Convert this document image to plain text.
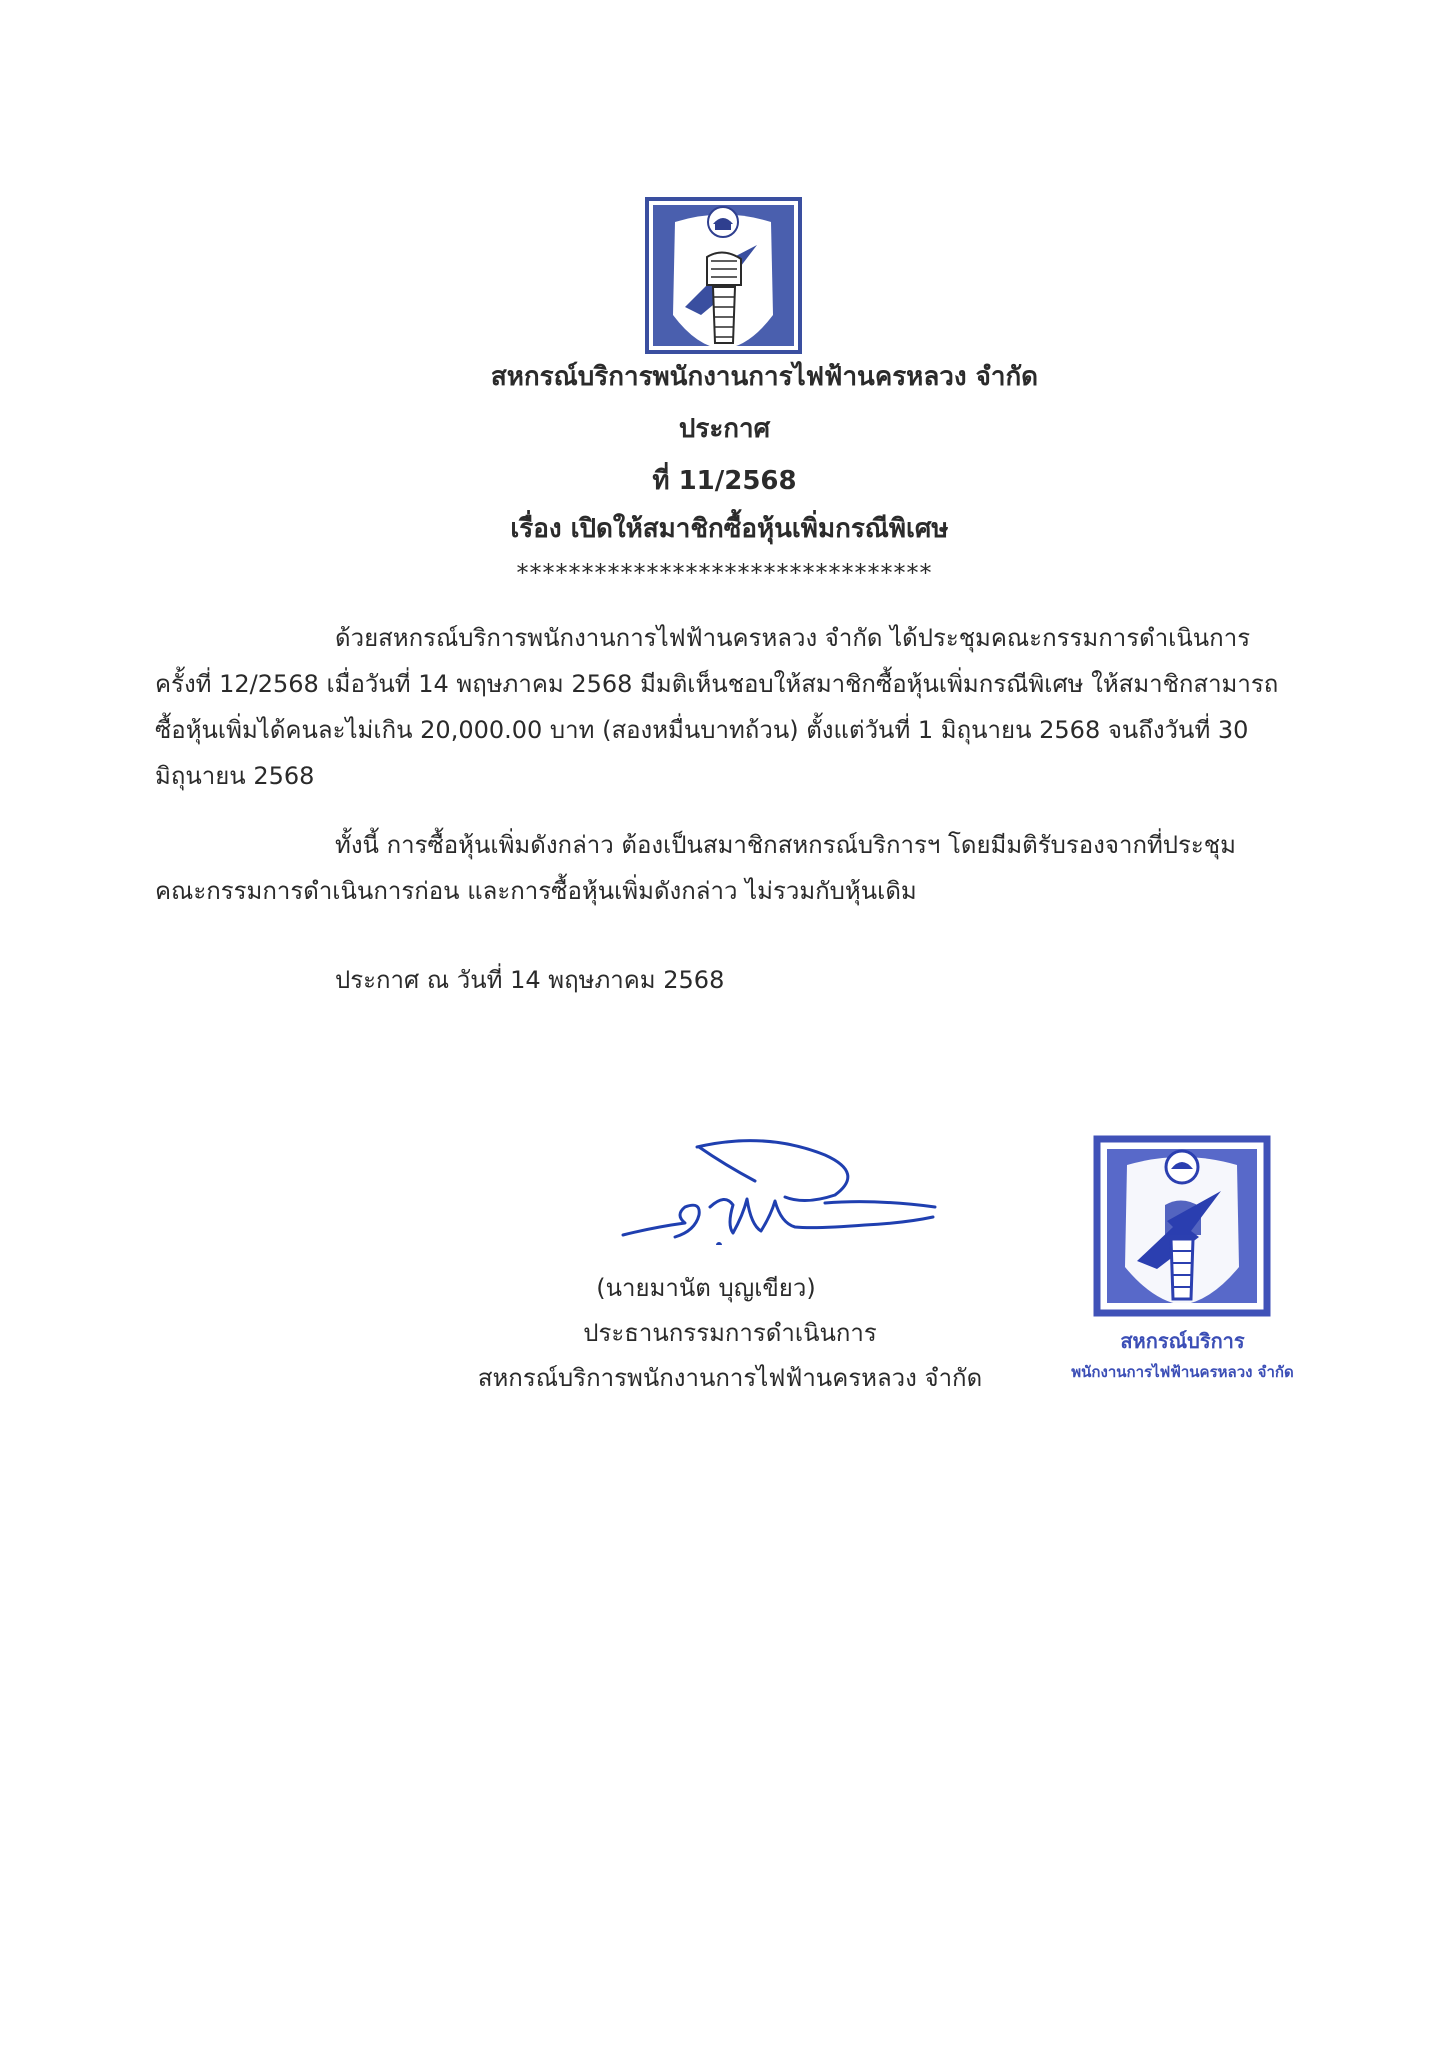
สหกรณ์บริการพนักงานการไฟฟ้านครหลวง จำกัด
ประกาศ
ที่ 11/2568
เรื่อง เปิดให้สมาชิกซื้อหุ้นเพิ่มกรณีพิเศษ
********************************
ด้วยสหกรณ์บริการพนักงานการไฟฟ้านครหลวง จำกัด ได้ประชุมคณะกรรมการดำเนินการ
ครั้งที่ 12/2568 เมื่อวันที่ 14 พฤษภาคม 2568 มีมติเห็นชอบให้สมาชิกซื้อหุ้นเพิ่มกรณีพิเศษ ให้สมาชิกสามารถ
ซื้อหุ้นเพิ่มได้คนละไม่เกิน 20,000.00 บาท (สองหมื่นบาทถ้วน) ตั้งแต่วันที่ 1 มิถุนายน 2568 จนถึงวันที่ 30
มิถุนายน 2568
ทั้งนี้ การซื้อหุ้นเพิ่มดังกล่าว ต้องเป็นสมาชิกสหกรณ์บริการฯ โดยมีมติรับรองจากที่ประชุม
คณะกรรมการดำเนินการก่อน และการซื้อหุ้นเพิ่มดังกล่าว ไม่รวมกับหุ้นเดิม
ประกาศ ณ วันที่ 14 พฤษภาคม 2568
(นายมานัต บุญเขียว)
ประธานกรรมการดำเนินการ
สหกรณ์บริการพนักงานการไฟฟ้านครหลวง จำกัด
สหกรณ์บริการ
พนักงานการไฟฟ้านครหลวง จำกัด
